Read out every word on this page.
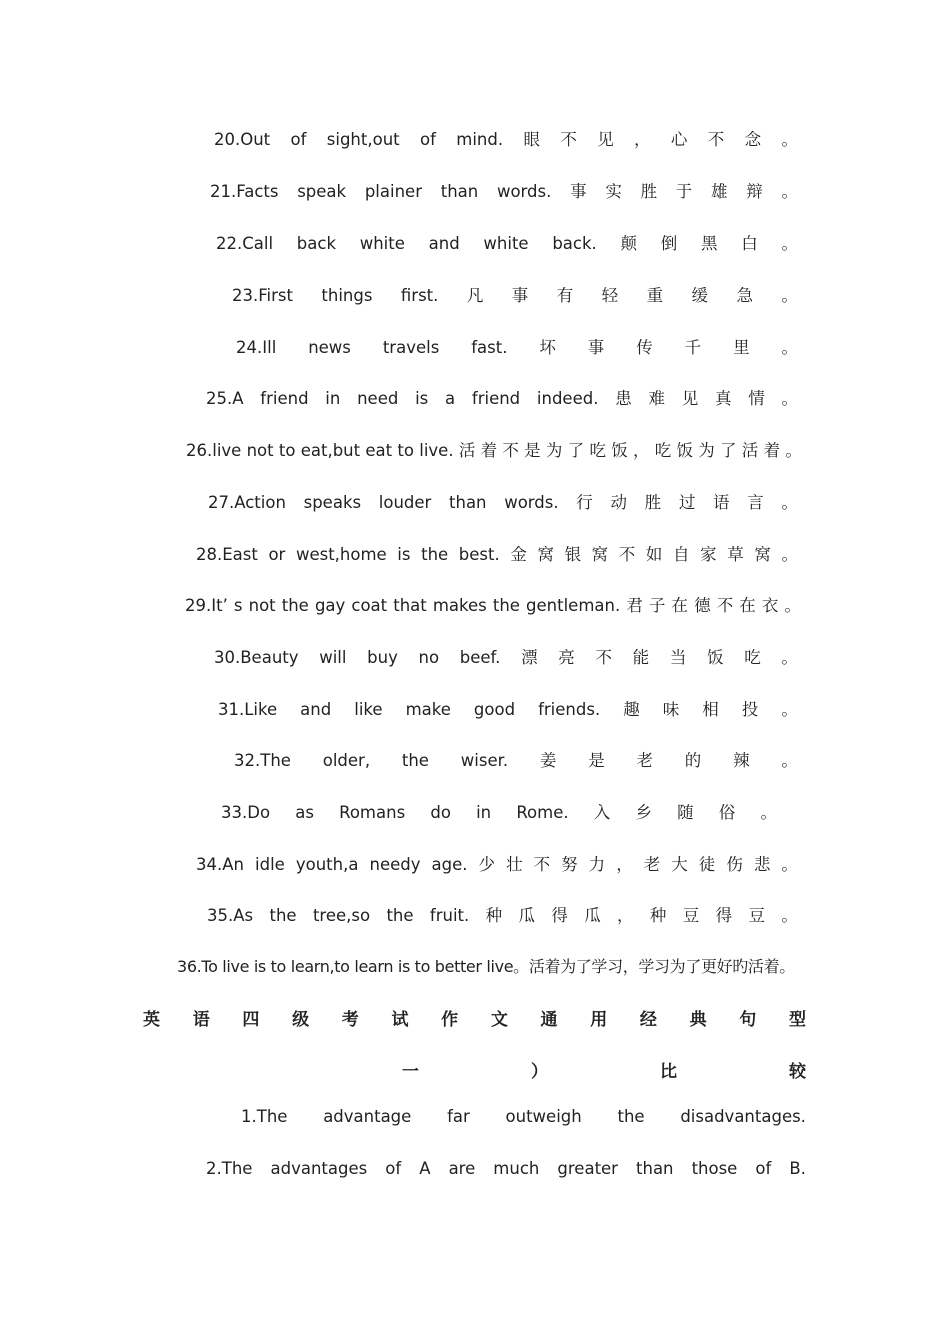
20.Out of sight,out of mind. 眼 不 见 ， 心 不 念 。
21.Facts speak plainer than words. 事 实 胜 于 雄 辩 。
22.Call back white and white back. 颠 倒 黑 白 。
23.First things first. 凡 事 有 轻 重 缓 急 。
24.Ill news travels fast. 坏 事 传 千 里 。
25.A friend in need is a friend indeed. 患 难 见 真 情 。
26.live not to eat,but eat to live. 活 着 不 是 为 了 吃 饭 ， 吃 饭 为 了 活 着 。
27.Action speaks louder than words. 行 动 胜 过 语 言 。
28.East or west,home is the best. 金 窝 银 窝 不 如 自 家 草 窝 。
29.It’ s not the gay coat that makes the gentleman. 君 子 在 德 不 在 衣 。
30.Beauty will buy no beef. 漂 亮 不 能 当 饭 吃 。
31.Like and like make good friends. 趣 味 相 投 。
32.The older, the wiser. 姜 是 老 的 辣 。
33.Do as Romans do in Rome. 入 乡 随 俗 。
34.An idle youth,a needy age. 少 壮 不 努 力 ， 老 大 徒 伤 悲 。
35.As the tree,so the fruit. 种 瓜 得 瓜 ， 种 豆 得 豆 。
36.To live is to learn,to learn is to better live。活着为了学习，学习为了更好旳活着。
英 语 四 级 考 试 作 文 通 用 经 典 句 型
一	）	比	较
1.The advantage far outweigh the disadvantages.
2.The advantages of A are much greater than those of B.
